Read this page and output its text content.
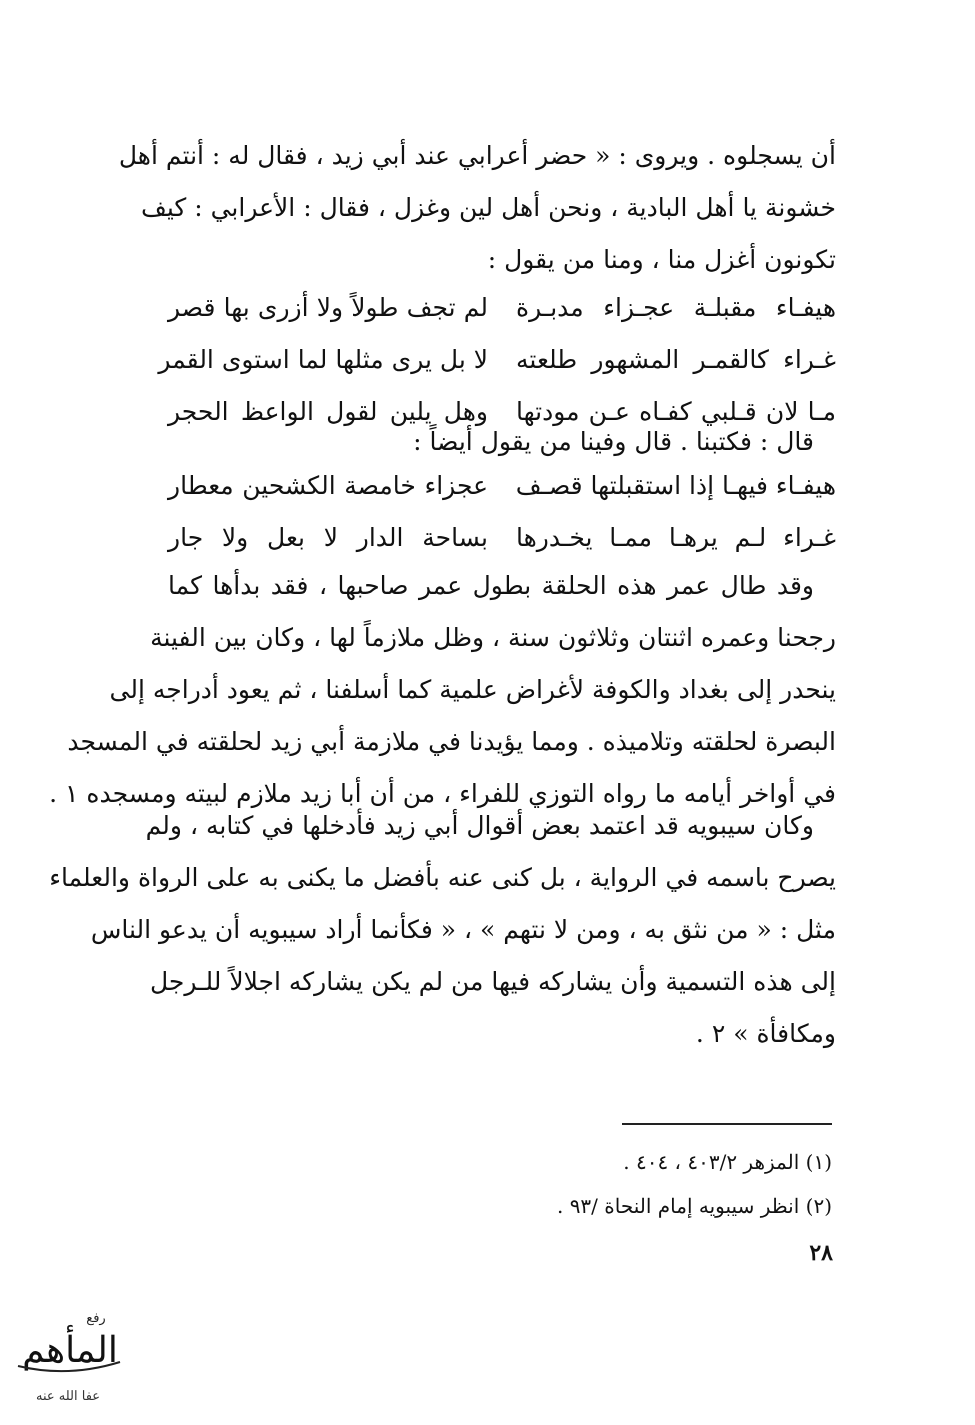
أن يسجلوه . ويروى : « حضر أعرابي عند أبي زيد ، فقال له : أنتم أهل
خشونة يا أهل البادية ، ونحن أهل لين وغزل ، فقال : الأعرابي : كيف
تكونون أغزل منا ، ومنا من يقول :
هيفـاء مقبلـة عجـزاء مدبـرة
لم تجف طولاً ولا أزرى بها قصر
غـراء كالقمـر المشهور طلعته
لا بل يرى مثلها لما استوى القمر
مـا لان قـلبي كفـاه عـن مودتها
وهل يلين لقول الواعظ الحجر
قال : فكتبنا . قال وفينا من يقول أيضاً :
هيفـاء فيهـا إذا استقبلتها قصـف
عجزاء خامصة الكشحين معطار
غـراء لـم يرهـا ممـا يخـدرها
بساحة الدار لا بعل ولا جار
وقد طال عمر هذه الحلقة بطول عمر صاحبها ، فقد بدأها كما
رجحنا وعمره اثنتان وثلاثون سنة ، وظل ملازماً لها ، وكان بين الفينة
ينحدر إلى بغداد والكوفة لأغراض علمية كما أسلفنا ، ثم يعود أدراجه إلى
البصرة لحلقته وتلاميذه . ومما يؤيدنا في ملازمة أبي زيد لحلقته في المسجد
في أواخر أيامه ما رواه التوزي للفراء ، من أن أبا زيد ملازم لبيته ومسجده ١ .
وكان سيبويه قد اعتمد بعض أقوال أبي زيد فأدخلها في كتابه ، ولم
يصرح باسمه في الرواية ، بل كنى عنه بأفضل ما يكنى به على الرواة والعلماء
مثل : « من نثق به ، ومن لا نتهم » ، « فكأنما أراد سيبويه أن يدعو الناس
إلى هذه التسمية وأن يشاركه فيها من لم يكن يشاركه اجلالاً للـرجل
ومكافأة » ٢ .
(١) المزهر ٤٠٣/٢ ، ٤٠٤ .
(٢) انظر سيبويه إمام النحاة /٩٣ .
٢٨
رفع
المأهم
عفا الله عنه
